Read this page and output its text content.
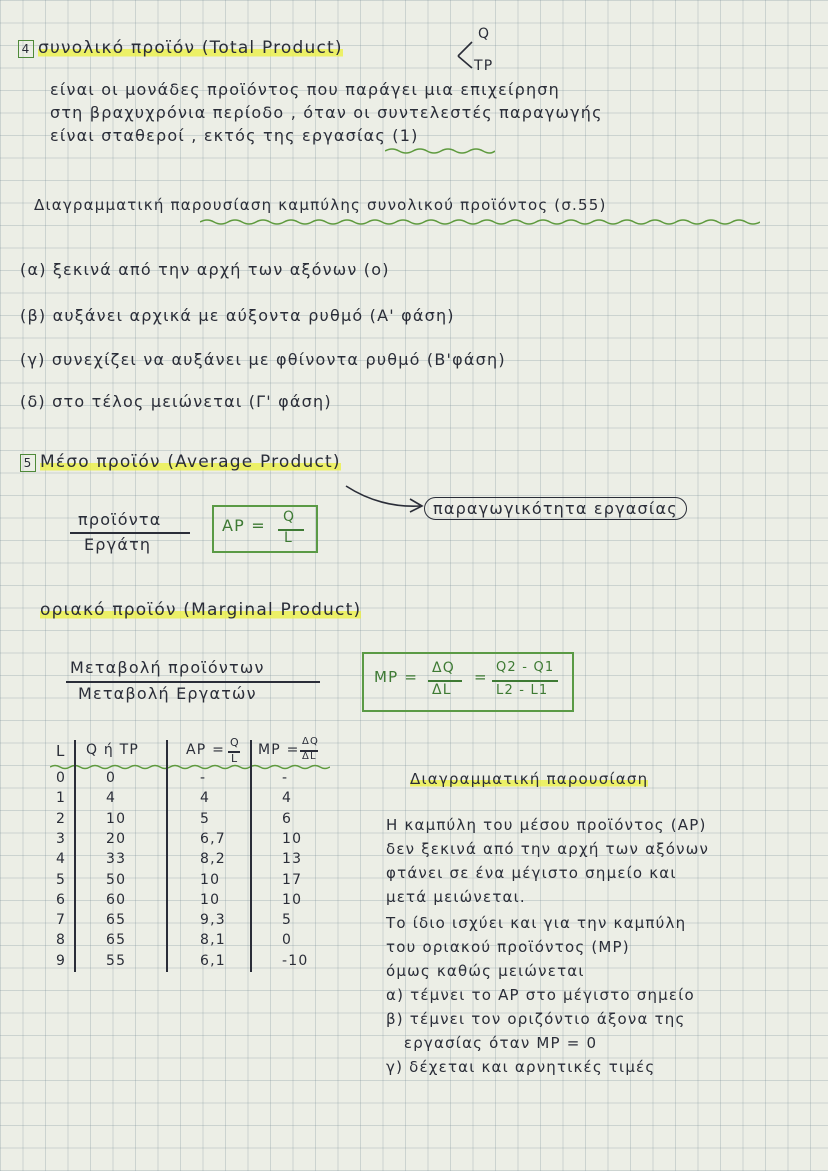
4 συνολικό προϊόν (Total Product)
Q
TP
είναι οι μονάδες προϊόντος που παράγει μια επιχείρηση
στη βραχυχρόνια περίοδο , όταν οι συντελεστές παραγωγής
είναι σταθεροί , εκτός της εργασίας (1)
Διαγραμματική παρουσίαση καμπύλης συνολικού προϊόντος (σ.55)
(α) ξεκινά από την αρχή των αξόνων (ο)
(β) αυξάνει αρχικά με αύξοντα ρυθμό (Α' φάση)
(γ) συνεχίζει να αυξάνει με φθίνοντα ρυθμό (Β'φάση)
(δ) στο τέλος μειώνεται (Γ' φάση)
5 Μέσο προϊόν (Average Product)
παραγωγικότητα εργασίας
προϊόντα
Εργάτη
AP = Q
L
οριακό προϊόν (Marginal Product)
Μεταβολή προϊόντων
Μεταβολή Εργατών
MP = ΔQ
ΔL
=
Q2 - Q1
L2 - L1
L Q ή TP	AP = Q
L
MP =
ΔQ
ΔL
0	0	-	-
1	4	4	4
2	10	5	6
3	20	6,7	10
4	33	8,2	13
5	50	10	17
6	60	10	10
7	65	9,3	5
8	65	8,1	0
9	55	6,1	-10
Διαγραμματική παρουσίαση
Η καμπύλη του μέσου προϊόντος (AP)
δεν ξεκινά από την αρχή των αξόνων
φτάνει σε ένα μέγιστο σημείο και
μετά μειώνεται.
Το ίδιο ισχύει και για την καμπύλη
του οριακού προϊόντος (MP)
όμως καθώς μειώνεται
α) τέμνει το AP στο μέγιστο σημείο
β) τέμνει τον οριζόντιο άξονα της
εργασίας όταν MP = 0
γ) δέχεται και αρνητικές τιμές
